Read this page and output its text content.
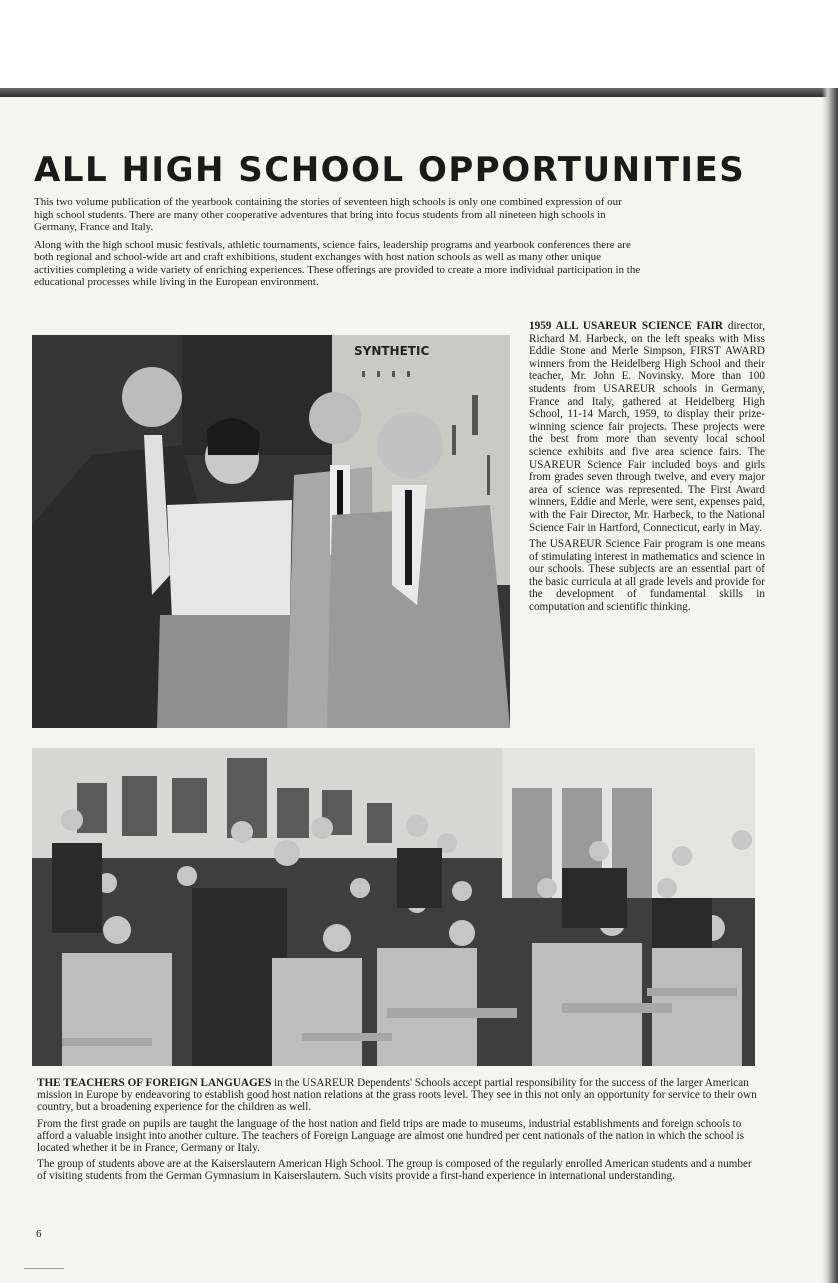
ALL HIGH SCHOOL OPPORTUNITIES

This two volume publication of the yearbook containing the stories of seventeen high schools is only one combined expression of our high school students. There are many other cooperative adventures that bring into focus students from all nineteen high schools in Germany, France and Italy.

Along with the high school music festivals, athletic tournaments, science fairs, leadership programs and yearbook conferences there are both regional and school-wide art and craft exhibitions, student exchanges with host nation schools as well as many other unique activities completing a wide variety of enriching experiences. These offerings are provided to create a more individual participation in the educational processes while living in the European environment.

SYNTHETIC

1959 ALL USAREUR SCIENCE FAIR director, Richard M. Harbeck, on the left speaks with Miss Eddie Stone and Merle Simpson, FIRST AWARD winners from the Heidelberg High School and their teacher, Mr. John E. Novinsky. More than 100 students from USAREUR schools in Germany, France and Italy, gathered at Heidelberg High School, 11-14 March, 1959, to display their prize-winning science fair projects. These projects were the best from more than seventy local school science exhibits and five area science fairs. The USAREUR Science Fair included boys and girls from grades seven through twelve, and every major area of science was represented. The First Award winners, Eddie and Merle, were sent, expenses paid, with the Fair Director, Mr. Harbeck, to the National Science Fair in Hartford, Connecticut, early in May.

The USAREUR Science Fair program is one means of stimulating interest in mathematics and science in our schools. These subjects are an essential part of the basic curricula at all grade levels and provide for the development of fundamental skills in computation and scientific thinking.

THE TEACHERS OF FOREIGN LANGUAGES in the USAREUR Dependents' Schools accept partial responsibility for the success of the larger American mission in Europe by endeavoring to establish good host nation relations at the grass roots level. They see in this not only an opportunity for service to their own country, but a broadening experience for the children as well.

From the first grade on pupils are taught the language of the host nation and field trips are made to museums, industrial establishments and foreign schools to afford a valuable insight into another culture. The teachers of Foreign Language are almost one hundred per cent nationals of the nation in which the school is located whether it be in France, Germany or Italy.

The group of students above are at the Kaiserslautern American High School. The group is composed of the regularly enrolled American students and a number of visiting students from the German Gymnasium in Kaiserslautern. Such visits provide a first-hand experience in international understanding.

6
